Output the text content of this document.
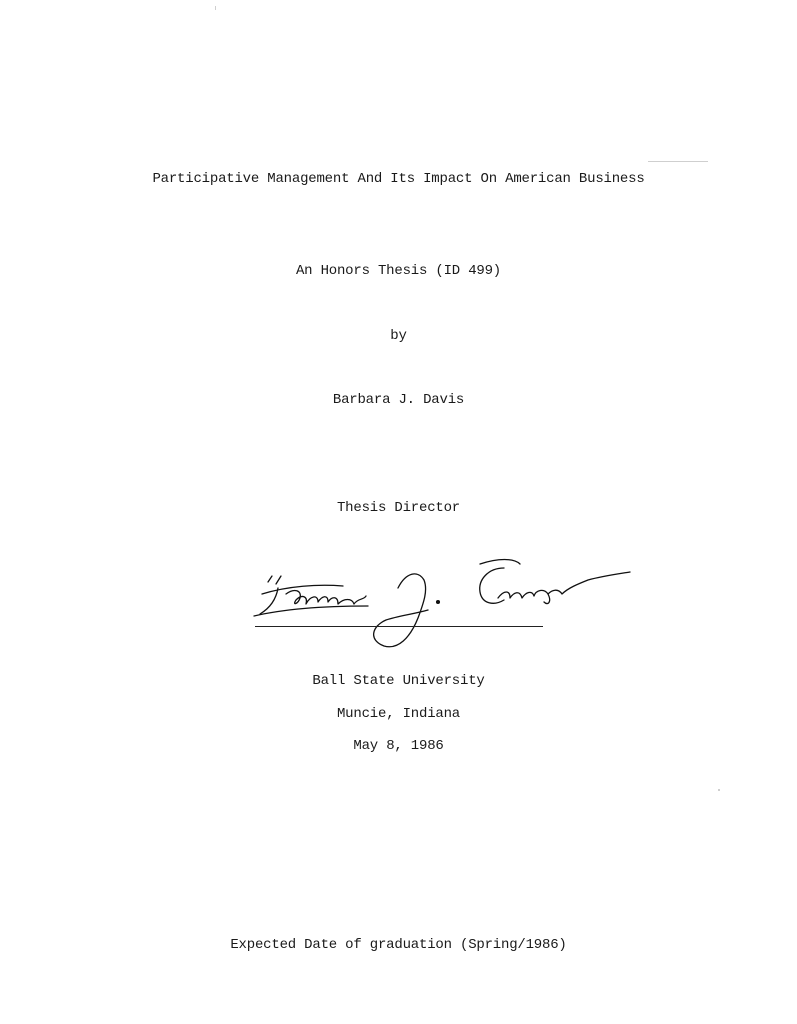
Participative Management And Its Impact On American Business
An Honors Thesis (ID 499)
by
Barbara J. Davis
Thesis Director
Ball State University
Muncie, Indiana
May 8, 1986
Expected Date of graduation (Spring/1986)
